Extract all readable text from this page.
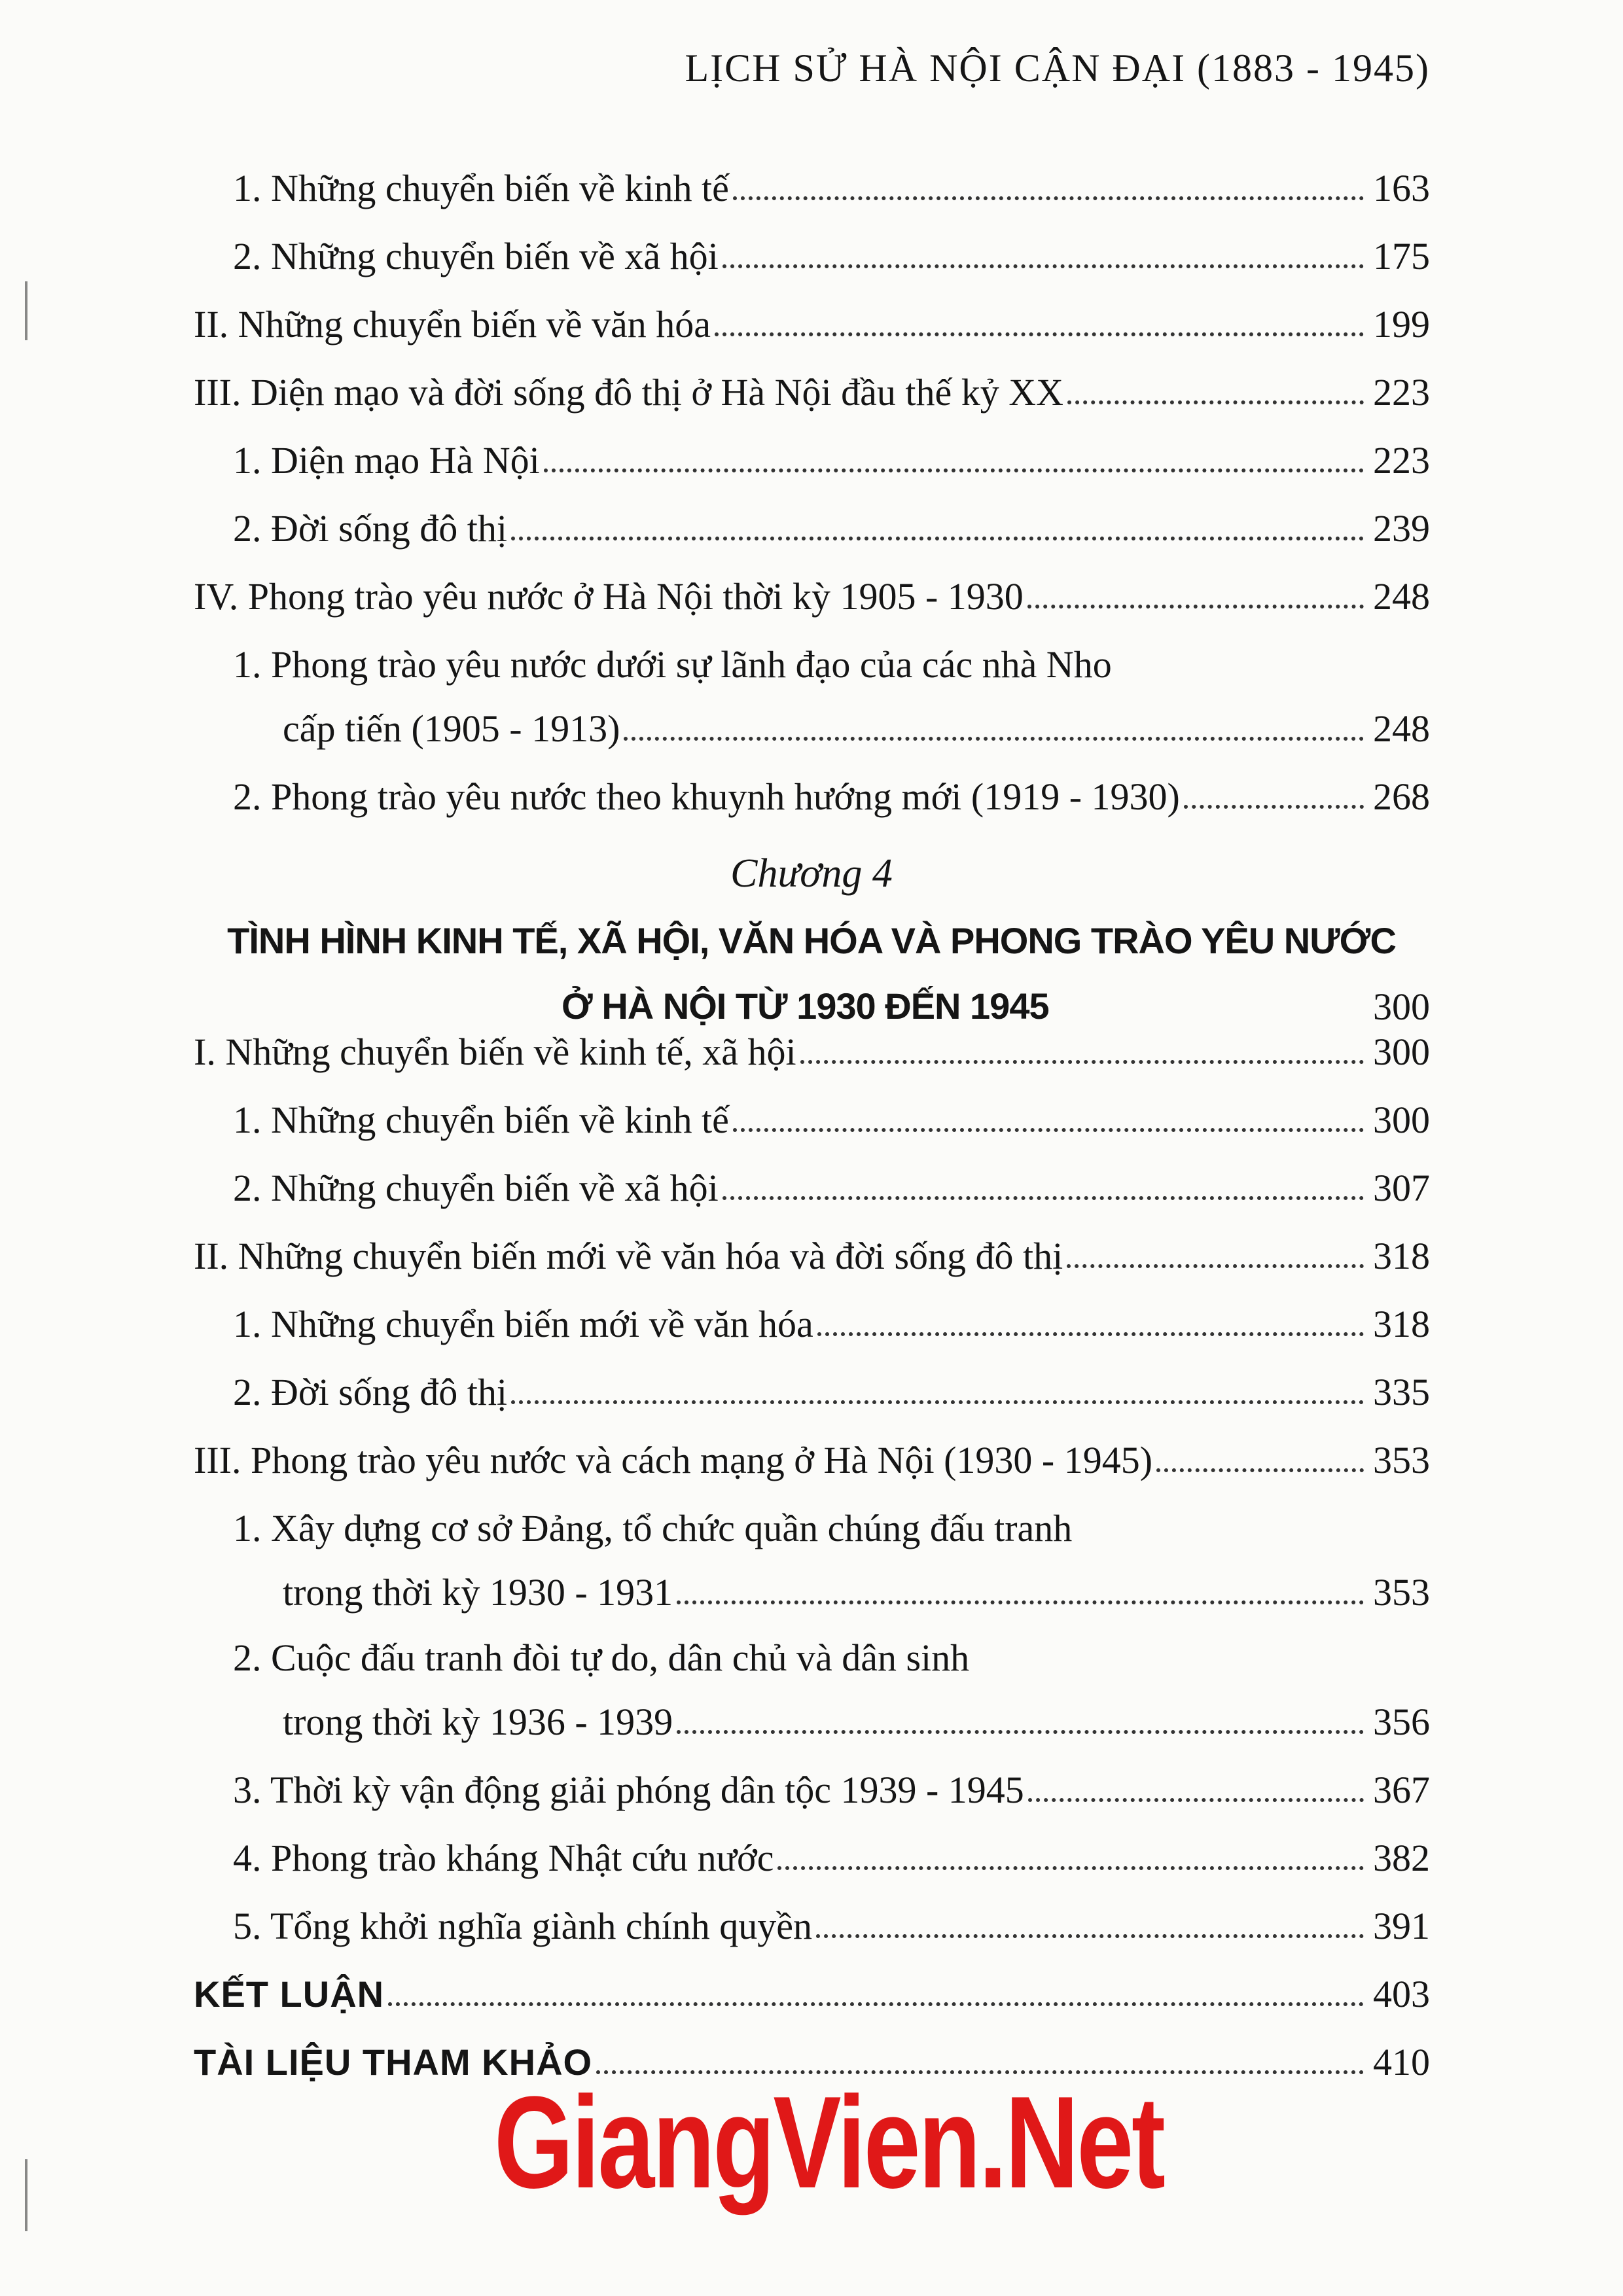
LỊCH SỬ HÀ NỘI CẬN ĐẠI (1883 - 1945)
1. Những chuyển biến về kinh tế	163
2. Những chuyển biến về xã hội	175
II. Những chuyển biến về văn hóa	199
III. Diện mạo và đời sống đô thị ở Hà Nội đầu thế kỷ XX	223
1. Diện mạo Hà Nội	223
2. Đời sống đô thị	239
IV. Phong trào yêu nước ở Hà Nội thời kỳ 1905 - 1930	248
1. Phong trào yêu nước dưới sự lãnh đạo của các nhà Nho
cấp tiến (1905 - 1913)	248
2. Phong trào yêu nước theo khuynh hướng mới (1919 - 1930)	268
Chương 4
TÌNH HÌNH KINH TẾ, XÃ HỘI, VĂN HÓA VÀ PHONG TRÀO YÊU NƯỚC
Ở HÀ NỘI TỪ 1930 ĐẾN 1945	300
I. Những chuyển biến về kinh tế, xã hội	300
1. Những chuyển biến về kinh tế	300
2. Những chuyển biến về xã hội	307
II. Những chuyển biến mới về văn hóa và đời sống đô thị	318
1. Những chuyển biến mới về văn hóa	318
2. Đời sống đô thị	335
III. Phong trào yêu nước và cách mạng ở Hà Nội (1930 - 1945)	353
1. Xây dựng cơ sở Đảng, tổ chức quần chúng đấu tranh
trong thời kỳ 1930 - 1931	353
2. Cuộc đấu tranh đòi tự do, dân chủ và dân sinh
trong thời kỳ 1936 - 1939	356
3. Thời kỳ vận động giải phóng dân tộc 1939 - 1945	367
4. Phong trào kháng Nhật cứu nước	382
5. Tổng khởi nghĩa giành chính quyền	391
KẾT LUẬN	403
TÀI LIỆU THAM KHẢO	410
GiangVien.Net
